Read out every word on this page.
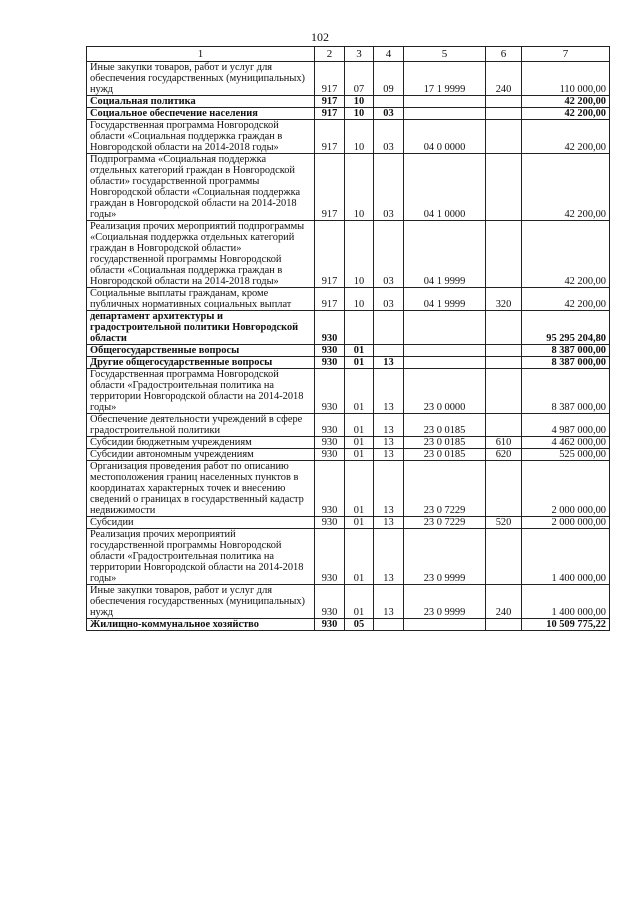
102
1	2	3	4	5	6	7
Иные закупки товаров, работ и услуг для обеспечения государственных (муниципальных) нужд	917	07	09	17 1 9999	240	110 000,00
Социальная политика	917	10				42 200,00
Социальное обеспечение населения	917	10	03			42 200,00
Государственная программа Новгородской области «Социальная поддержка граждан в Новгородской области на 2014-2018 годы»	917	10	03	04 0 0000		42 200,00
Подпрограмма «Социальная поддержка отдельных категорий граждан в Новгородской области» государственной программы Новгородской области «Социальная поддержка граждан в Новгородской области на 2014-2018 годы»	917	10	03	04 1 0000		42 200,00
Реализация прочих мероприятий подпрограммы «Социальная поддержка отдельных категорий граждан в Новгородской области» государственной программы Новгородской области «Социальная поддержка граждан в Новгородской области на 2014-2018 годы»	917	10	03	04 1 9999		42 200,00
Социальные выплаты гражданам, кроме публичных нормативных социальных выплат	917	10	03	04 1 9999	320	42 200,00
департамент архитектуры и градостроительной политики Новгородской области	930					95 295 204,80
Общегосударственные вопросы	930	01				8 387 000,00
Другие общегосударственные вопросы	930	01	13			8 387 000,00
Государственная программа Новгородской области «Градостроительная политика на территории Новгородской области на 2014-2018 годы»	930	01	13	23 0 0000		8 387 000,00
Обеспечение деятельности учреждений в сфере градостроительной политики	930	01	13	23 0 0185		4 987 000,00
Субсидии бюджетным учреждениям	930	01	13	23 0 0185	610	4 462 000,00
Субсидии автономным учреждениям	930	01	13	23 0 0185	620	525 000,00
Организация проведения работ по описанию местоположения границ населенных пунктов в координатах характерных точек и внесению сведений о границах в государственный кадастр недвижимости	930	01	13	23 0 7229		2 000 000,00
Субсидии	930	01	13	23 0 7229	520	2 000 000,00
Реализация прочих мероприятий государственной программы Новгородской области «Градостроительная политика на территории Новгородской области на 2014-2018 годы»	930	01	13	23 0 9999		1 400 000,00
Иные закупки товаров, работ и услуг для обеспечения государственных (муниципальных) нужд	930	01	13	23 0 9999	240	1 400 000,00
Жилищно-коммунальное хозяйство	930	05				10 509 775,22
